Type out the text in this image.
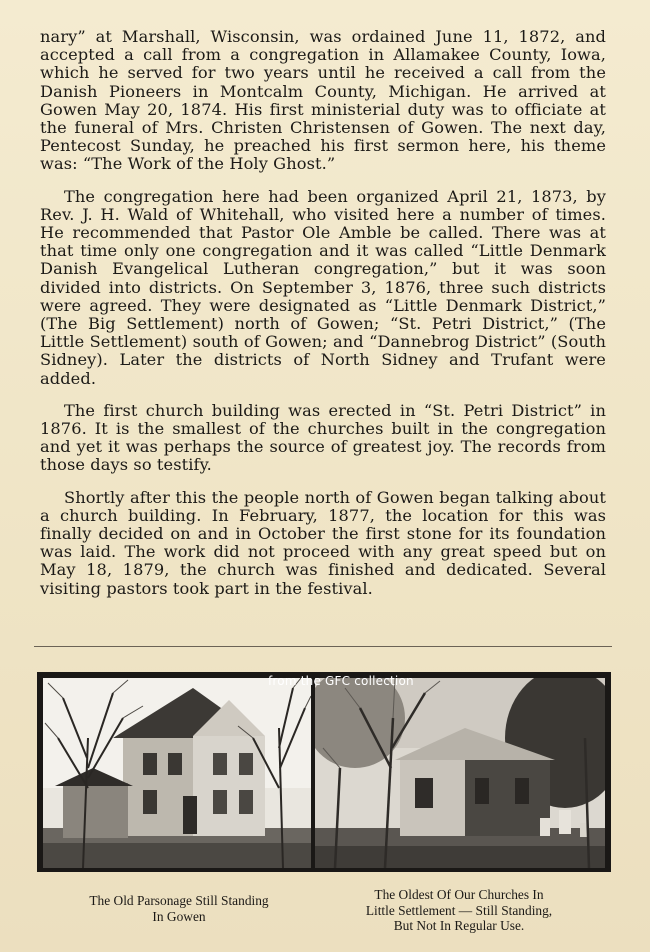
nary” at Marshall, Wisconsin, was ordained June 11, 1872, and accepted a call from a congregation in Allamakee County, Iowa, which he served for two years until he received a call from the Danish Pioneers in Montcalm County, Michigan. He arrived at Gowen May 20, 1874. His first ministerial duty was to officiate at the funeral of Mrs. Christen Christensen of Gowen. The next day, Pentecost Sunday, he preached his first sermon here, his theme was: “The Work of the Holy Ghost.”

The congregation here had been organized April 21, 1873, by Rev. J. H. Wald of Whitehall, who visited here a number of times. He recommended that Pastor Ole Amble be called. There was at that time only one congregation and it was called “Little Denmark Danish Evangelical Lutheran congregation,” but it was soon divided into districts. On September 3, 1876, three such districts were agreed. They were designated as “Little Denmark District,” (The Big Settlement) north of Gowen; “St. Petri District,” (The Little Settlement) south of Gowen; and “Dannebrog District” (South Sidney). Later the districts of North Sidney and Trufant were added.

The first church building was erected in “St. Petri District” in 1876. It is the smallest of the churches built in the congregation and yet it was perhaps the source of greatest joy. The records from those days so testify.

Shortly after this the people north of Gowen began talking about a church building. In February, 1877, the location for this was finally decided on and in October the first stone for its foundation was laid. The work did not proceed with any great speed but on May 18, 1879, the church was finished and dedicated. Several visiting pastors took part in the festival.

from the GFC collection
The Old Parsonage Still Standing
In Gowen
The Oldest Of Our Churches In
Little Settlement — Still Standing,
But Not In Regular Use.
